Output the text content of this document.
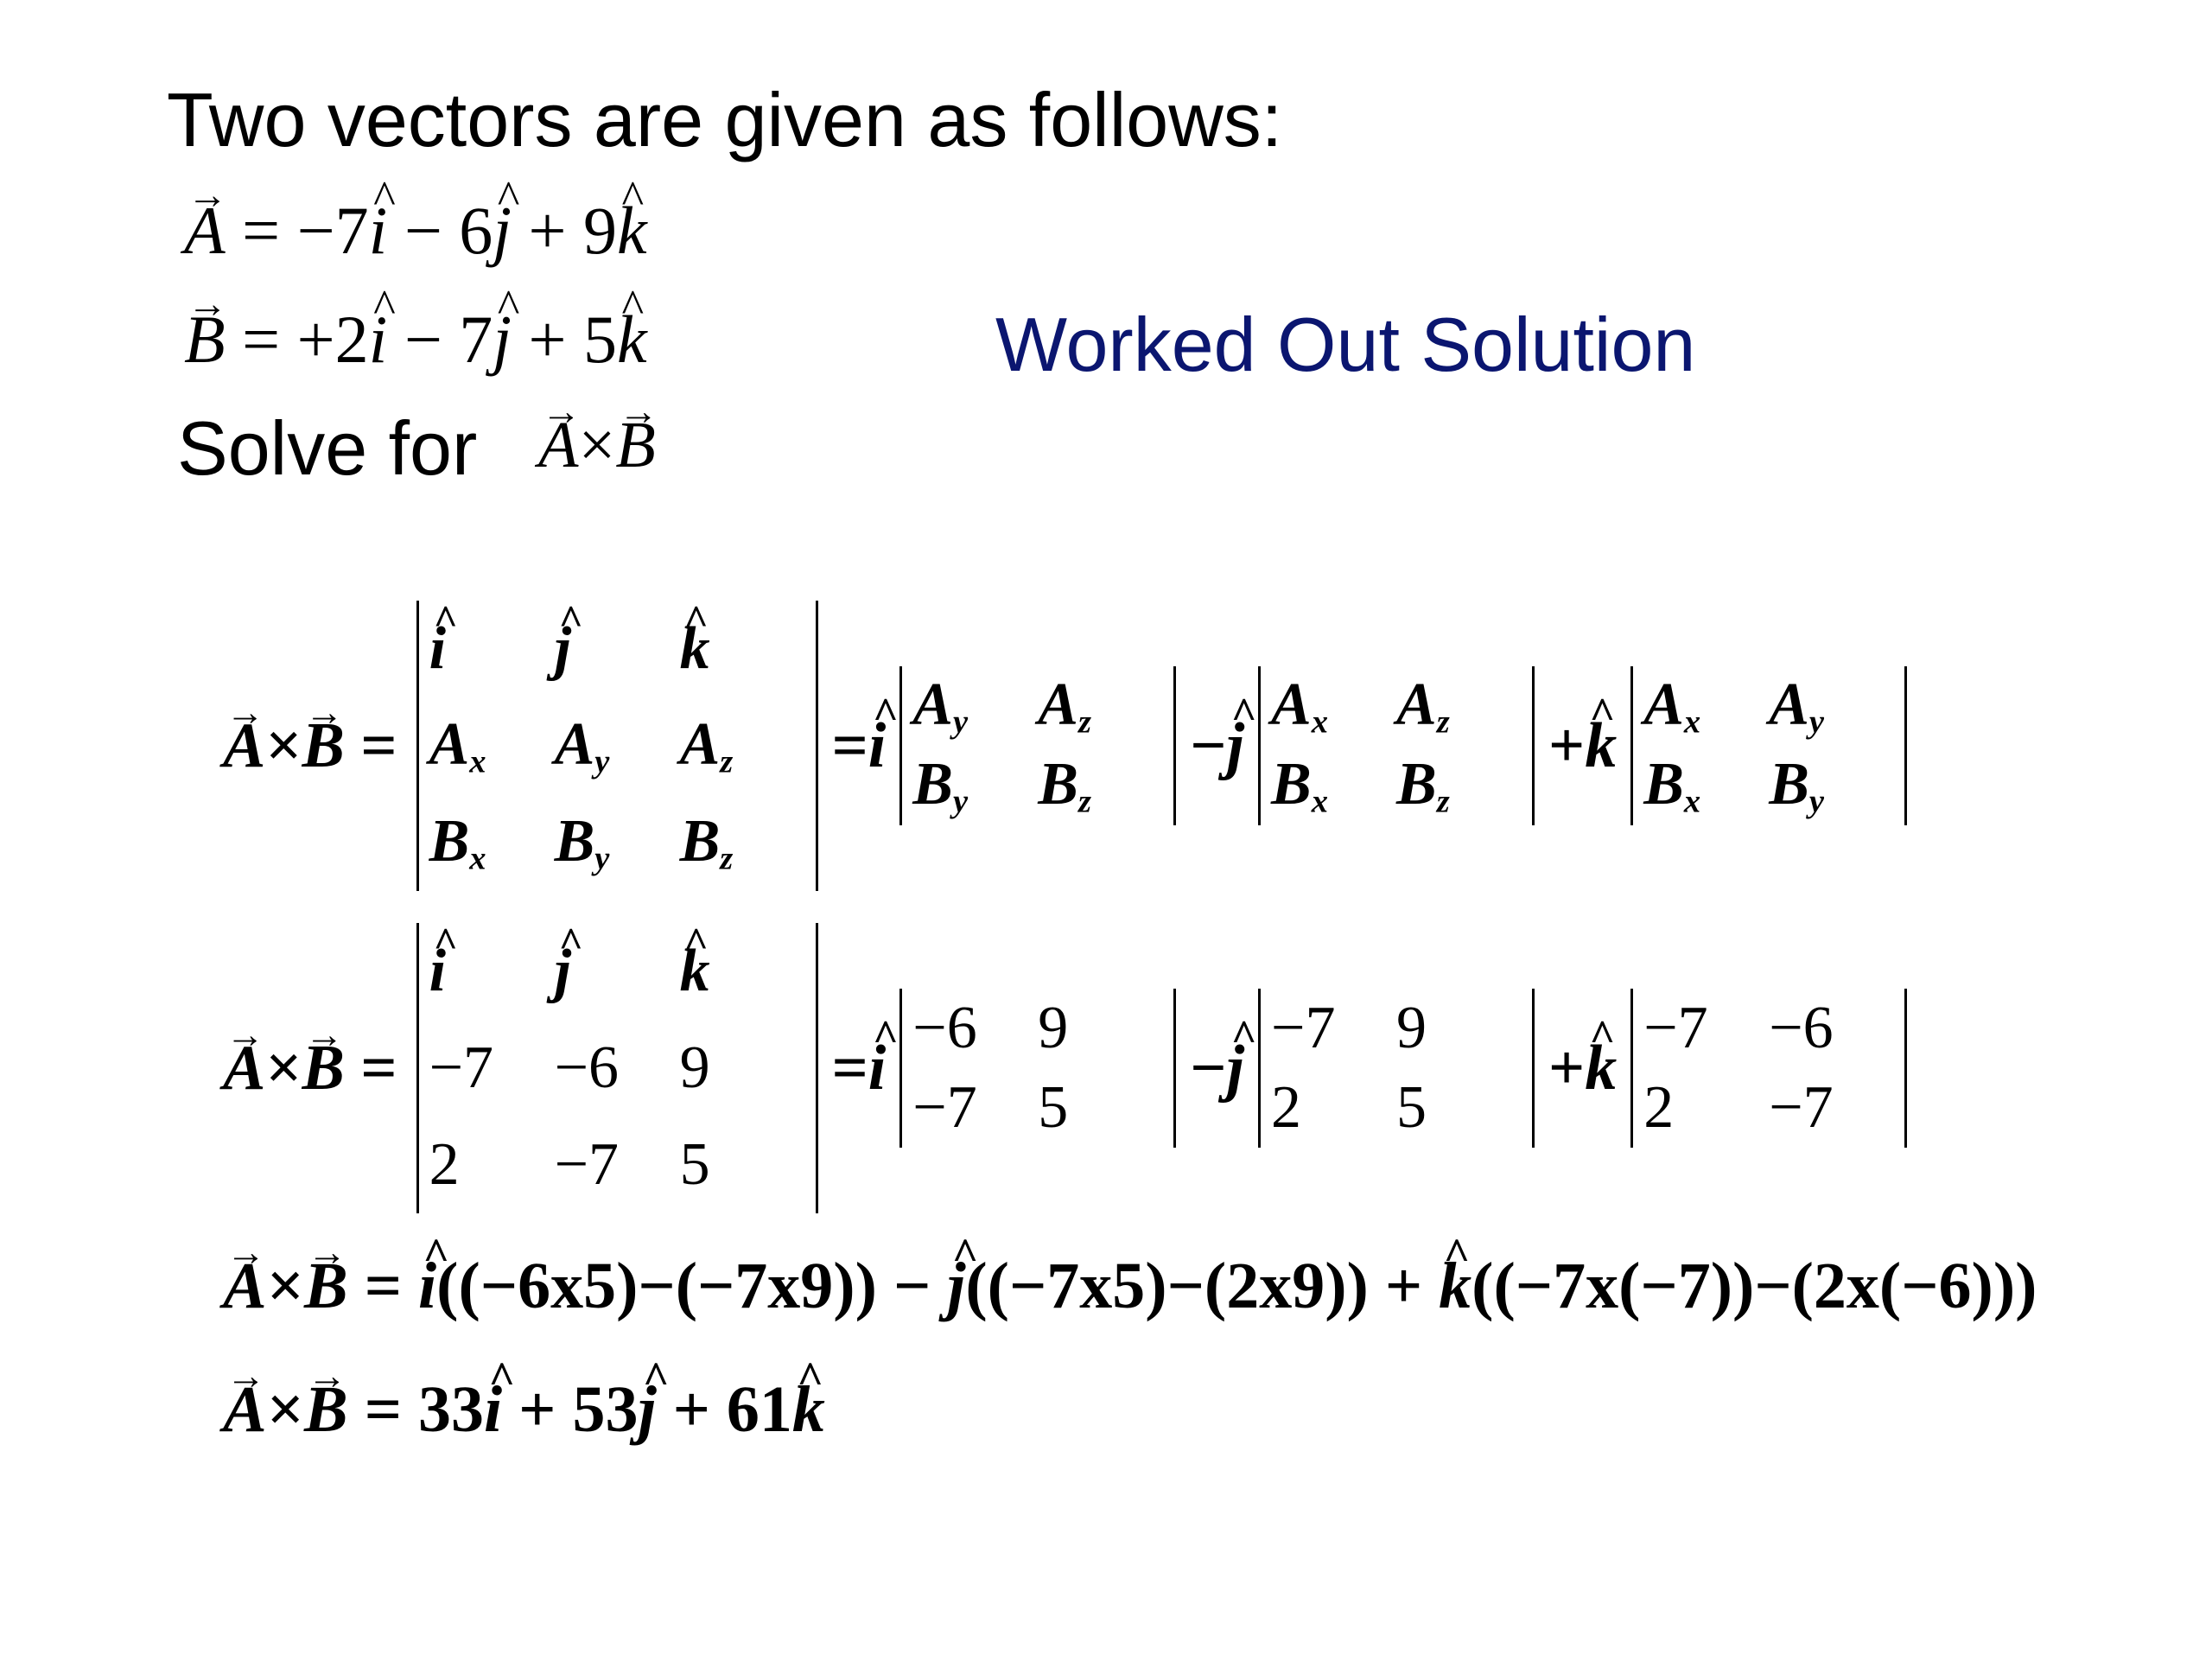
Two vectors are given as follows:
→ A = −7^ i − 6^ j + 9^ k
→ B = +2^ i − 7^ j + 5^ k	Worked Out Solution
Solve for → A×→ B
→ A×→ B =
^ i ^ j ^ k
$A_x$ $A_y$ $A_z$
$B_x$ $B_y$ $B_z$
=^ i
$A_y$ $A_z$
$B_y$ $B_z$
−^ j
$A_x$ $A_z$
$B_x$ $B_z$
+^ k
$A_x$ $A_y$
$B_x$ $B_y$
→ A×→ B =
^ i ^ j ^ k
−7 −6 9
2 −7 5
=^ i
−6 9
−7 5
−^ j
−7 9
2 5
+^ k
−7 −6
2 −7
→ A×→ B = ^ i((−6x5)−(−7x9)) − ^ j((−7x5)−(2x9)) + ^ k((−7x(−7))−(2x(−6)))
→ A×→ B = 33^ i + 53^ j + 61^ k
